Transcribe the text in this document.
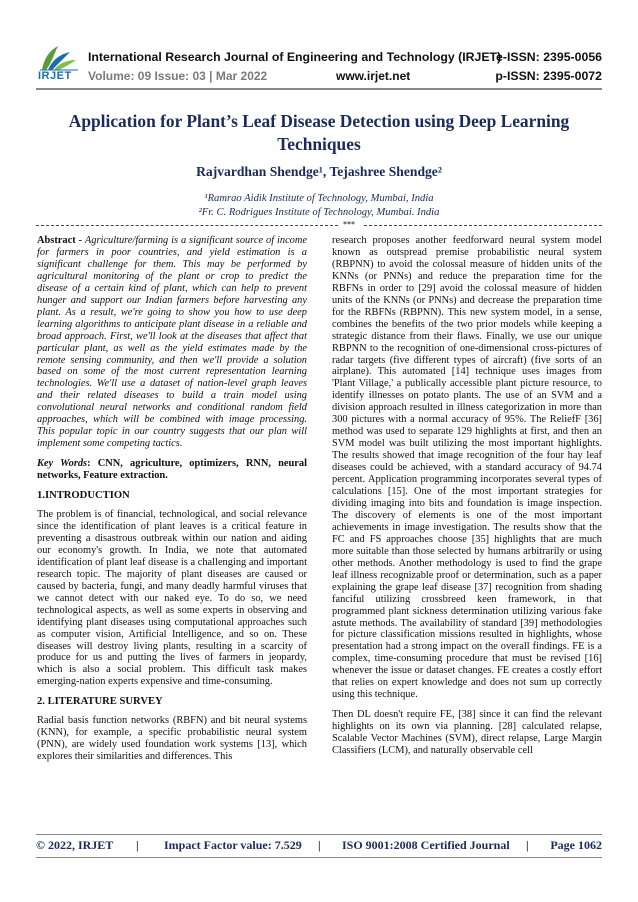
IRJET
International Research Journal of Engineering and Technology (IRJET)
e-ISSN: 2395-0056
Volume: 09 Issue: 03 | Mar 2022	www.irjet.net	p-ISSN: 2395-0072
Application for Plant’s Leaf Disease Detection using Deep Learning
Techniques
Rajvardhan Shendge¹, Tejashree Shendge²
¹Ramrao Aidik Institute of Technology, Mumbai, India
²Fr. C. Rodrigues Institute of Technology, Mumbai. India
***

Abstract - Agriculture/farming is a significant source of income for farmers in poor countries, and yield estimation is a significant challenge for them. This may be performed by agricultural monitoring of the plant or crop to predict the disease of a certain kind of plant, which can help to prevent hunger and support our Indian farmers before harvesting any plant. As a result, we're going to show you how to use deep learning algorithms to anticipate plant disease in a reliable and broad approach. First, we'll look at the diseases that affect that particular plant, as well as the yield estimates made by the remote sensing community, and then we'll provide a solution based on some of the most current representation learning technologies. We'll use a dataset of nation-level graph leaves and their related diseases to build a train model using convolutional neural networks and conditional random field approaches, which will be combined with image processing. This popular topic in our country suggests that our plan will implement some competing tactics.

Key Words: CNN, agriculture, optimizers, RNN, neural networks, Feature extraction.

1.INTRODUCTION

The problem is of financial, technological, and social relevance since the identification of plant leaves is a critical feature in preventing a disastrous outbreak within our nation and aiding our economy's growth. In India, we note that automated identification of plant leaf disease is a challenging and important research topic. The majority of plant diseases are caused or caused by bacteria, fungi, and many deadly harmful viruses that we cannot detect with our naked eye. To do so, we need technological aspects, as well as some experts in observing and identifying plant diseases using computational approaches such as computer vision, Artificial Intelligence, and so on. These diseases will destroy living plants, resulting in a scarcity of produce for us and putting the lives of farmers in jeopardy, which is also a social problem. This difficult task makes emerging-nation experts expensive and time-consuming.

2. LITERATURE SURVEY

Radial basis function networks (RBFN) and bit neural systems (KNN), for example, a specific probabilistic neural system (PNN), are widely used foundation work systems [13], which explores their similarities and differences. This

research proposes another feedforward neural system model known as outspread premise probabilistic neural system (RBPNN) to avoid the colossal measure of hidden units of the KNNs (or PNNs) and reduce the preparation time for the RBFNs in order to [29] avoid the colossal measure of hidden units of the KNNs (or PNNs) and decrease the preparation time for the RBFNs (RBPNN). This new system model, in a sense, combines the benefits of the two prior models while keeping a strategic distance from their flaws. Finally, we use our unique RBPNN to the recognition of one-dimensional cross-pictures of radar targets (five different types of aircraft) (five sorts of an airplane). This automated [14] technique uses images from 'Plant Village,' a publically accessible plant picture resource, to identify illnesses on potato plants. The use of an SVM and a division approach resulted in illness categorization in more than 300 pictures with a normal accuracy of 95%. The ReliefF [36] method was used to separate 129 highlights at first, and then an SVM model was built utilizing the most important highlights. The results showed that image recognition of the four hay leaf diseases could be achieved, with a standard accuracy of 94.74 percent. Application programming incorporates several types of calculations [15]. One of the most important strategies for dividing imaging into bits and foundation is image inspection. The discovery of elements is one of the most important achievements in image investigation. The results show that the FC and FS approaches choose [35] highlights that are much more suitable than those selected by humans arbitrarily or using other methods. Another methodology is used to find the grape leaf illness recognizable proof or determination, such as a paper explaining the grape leaf disease [37] recognition from shading fanciful utilizing crossbreed keen framework, in that programmed plant sickness determination utilizing various fake astute methods. The availability of standard [39] methodologies for picture classification missions resulted in highlights, whose presentation had a strong impact on the overall findings. FE is a complex, time-consuming procedure that must be revised [16] whenever the issue or dataset changes. FE creates a costly effort that relies on expert knowledge and does not sum up correctly using this technique.

Then DL doesn't require FE, [38] since it can find the relevant highlights on its own via planning. [28] calculated relapse, Scalable Vector Machines (SVM), direct relapse, Large Margin Classifiers (LCM), and naturally observable cell

© 2022, IRJET | Impact Factor value: 7.529 | ISO 9001:2008 Certified Journal | Page 1062
